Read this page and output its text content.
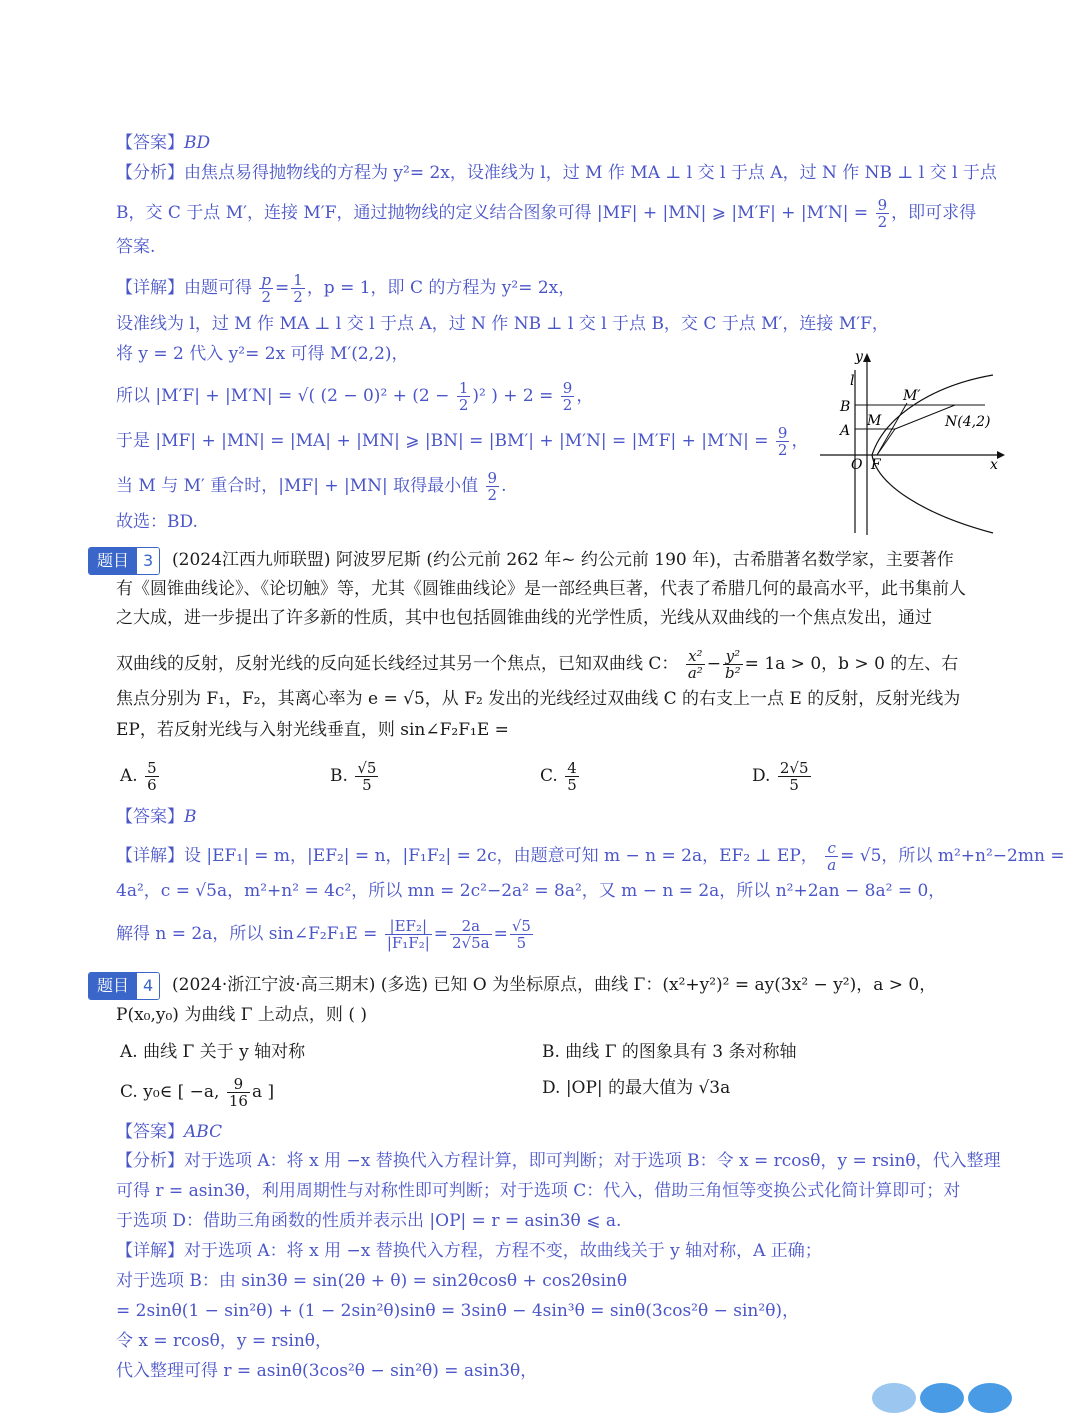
【答案】BD
【分析】由焦点易得抛物线的方程为 y²= 2x，设准线为 l，过 M 作 MA ⊥ l 交 l 于点 A，过 N 作 NB ⊥ l 交 l 于点
B，交 C 于点 M′，连接 M′F，通过抛物线的定义结合图象可得 |MF| + |MN| ⩾ $|M'F| + |M'N| = \frac{9}{2}$ ，即可求得
答案.
【详解】由题可得 $\frac{p}{2} = \frac{1}{2}$ ，p = 1，即 C 的方程为 y²= 2x，
设准线为 l，过 M 作 MA ⊥ l 交 l 于点 A，过 N 作 NB ⊥ l 交 l 于点 B，交 C 于点 M′，连接 M′F，
将 y = 2 代入 y²= 2x 可得 M′(2,2)，
所以 |M′F| + |M′N| = √( $(2 - 0)^2 + (2 - \frac{1}{2} )^2$ ) + $2 = \frac{9}{2}$ ，
于是 |MF| + |MN| = |MA| + |MN| ⩾ $|BN| = |BM'| + |M'N| = |M'F| + |M'N| = \frac{9}{2}$ ，
当 M 与 M′ 重合时，|MF| + |MN| 取得最小值 $\frac{9}{2}$ .
故选：BD.
y
l
B
A
M
M′
N(4,2)
O F	x
题目 3	(2024江西九师联盟) 阿波罗尼斯 (约公元前 262 年~ 约公元前 190 年)，古希腊著名数学家，主要著作
有《圆锥曲线论》、《论切触》等，尤其《圆锥曲线论》是一部经典巨著，代表了希腊几何的最高水平，此书集前人
之大成，进一步提出了许多新的性质，其中也包括圆锥曲线的光学性质，光线从双曲线的一个焦点发出，通过
双曲线的反射，反射光线的反向延长线经过其另一个焦点，已知双曲线 C： $\frac{\text{x²}}{\text{a²}} - \frac{\text{y²}}{\text{b²}} = 1a > 0$，b > 0 的左、右
焦点分别为 F₁，F₂，其离心率为 e = √5，从 F₂ 发出的光线经过双曲线 C 的右支上一点 E 的反射，反射光线为
EP，若反射光线与入射光线垂直，则 sin∠F₂F₁E =
A. $\frac{5}{6}$	B. $\frac{√5}{5}$	C. $\frac{4}{5}$	D. $\frac{2√5}{5}$
【答案】B
【详解】设 |EF₁| = m，|EF₂| = n，|F₁F₂| = 2c，由题意可知 m − n = 2a，EF₂ ⊥ EP， $\frac{c}{a} = √5$，所以 m²+n²−2mn =
4a²，c = √5a，m²+n² = 4c²，所以 mn = 2c²−2a² = 8a²，又 m − n = 2a，所以 n²+2an − 8a² = 0，
解得 n = 2a，所以 sin∠F₂F₁E = $\frac{\text{|EF₂|}}{\text{|F₁F₂|}} = \frac{2a}{2√5a} = \frac{√5}{5}$
题目 4	(2024·浙江宁波·高三期末) (多选) 已知 O 为坐标原点，曲线 Γ：(x²+y²)² = ay(3x² − y²)，a > 0，
P(x₀,y₀) 为曲线 Γ 上动点，则 ( )
A. 曲线 Γ 关于 y 轴对称	B. 曲线 Γ 的图象具有 3 条对称轴
C. y₀∈ [ −a, $\frac{9}{16}$ a ]	D. |OP| 的最大值为 √3a
【答案】ABC
【分析】对于选项 A：将 x 用 −x 替换代入方程计算，即可判断；对于选项 B：令 x = rcosθ，y = rsinθ，代入整理
可得 r = asin3θ，利用周期性与对称性即可判断；对于选项 C：代入，借助三角恒等变换公式化简计算即可；对
于选项 D：借助三角函数的性质并表示出 |OP| = r = asin3θ ⩽ a.
【详解】对于选项 A：将 x 用 −x 替换代入方程，方程不变，故曲线关于 y 轴对称，A 正确；
对于选项 B：由 sin3θ = sin(2θ + θ) = sin2θcosθ + cos2θsinθ
= 2sinθ(1 − sin²θ) + (1 − 2sin²θ)sinθ = 3sinθ − 4sin³θ = sinθ(3cos²θ − sin²θ)，
令 x = rcosθ，y = rsinθ，
代入整理可得 r = asinθ(3cos²θ − sin²θ) = asin3θ，
